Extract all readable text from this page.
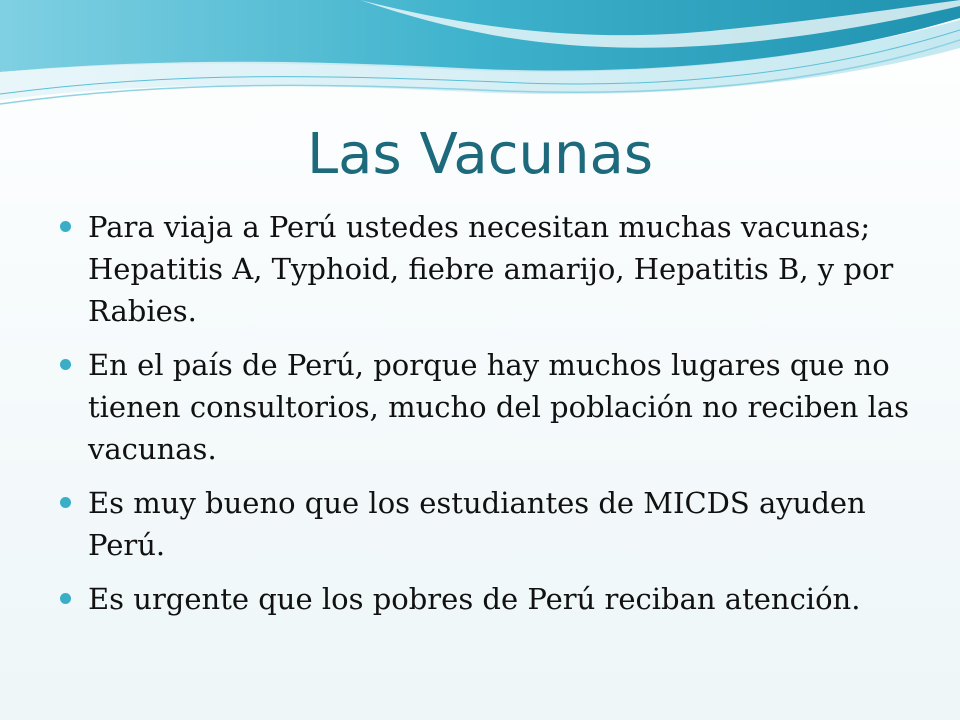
Las Vacunas
Para viaja a Perú ustedes necesitan muchas vacunas; Hepatitis A, Typhoid, fiebre amarijo, Hepatitis B, y por Rabies.
En el país de Perú, porque hay muchos lugares que no tienen consultorios, mucho del población no reciben las vacunas.
Es muy bueno que los estudiantes de MICDS ayuden Perú.
Es urgente que los pobres de Perú reciban atención.
